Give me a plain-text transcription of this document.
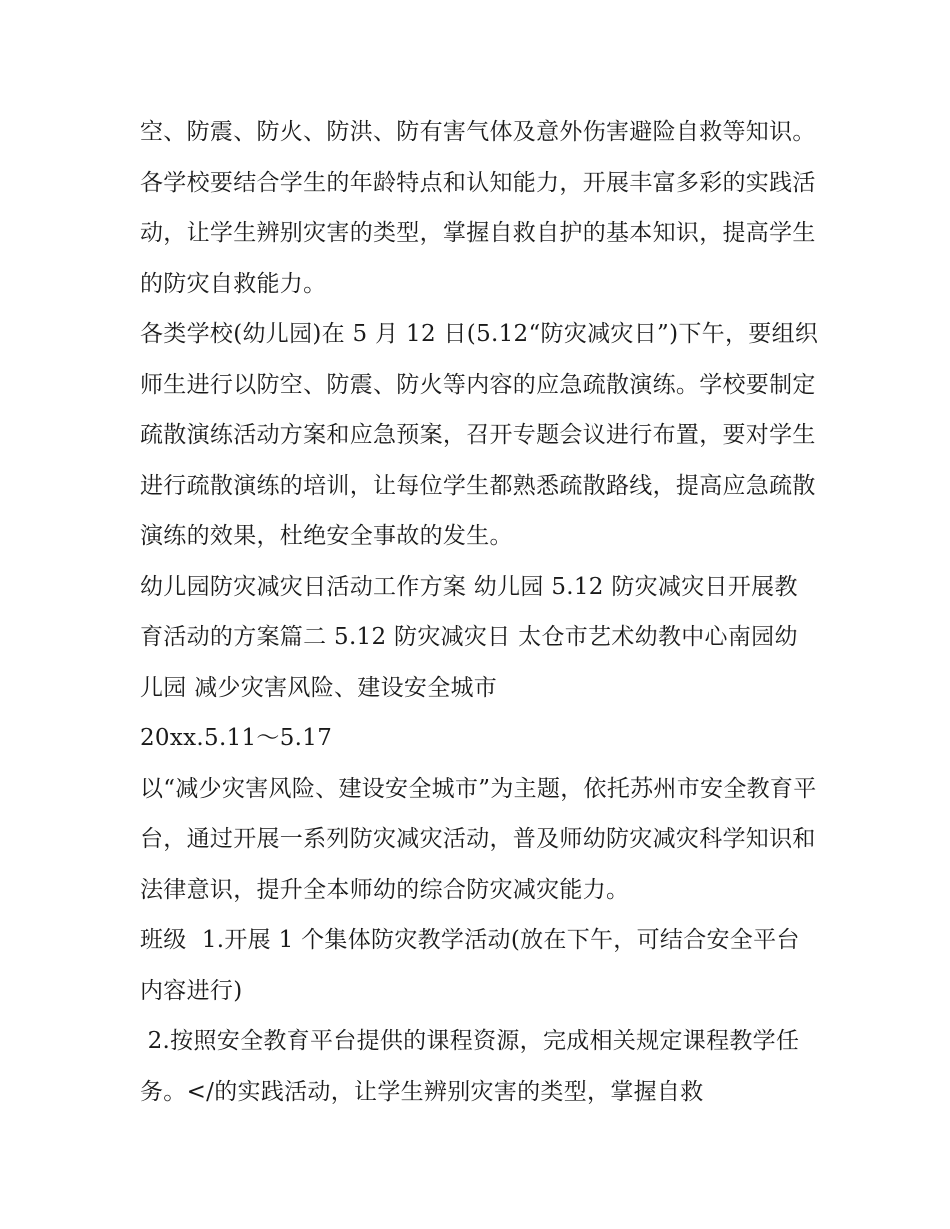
空、防震、防火、防洪、防有害气体及意外伤害避险自救等知识。各学校要结合学生的年龄特点和认知能力，开展丰富多彩的实践活动，让学生辨别灾害的类型，掌握自救自护的基本知识，提高学生的防灾自救能力。

各类学校(幼儿园)在 5 月 12 日(5.12“防灾减灾日”)下午，要组织师生进行以防空、防震、防火等内容的应急疏散演练。学校要制定疏散演练活动方案和应急预案，召开专题会议进行布置，要对学生进行疏散演练的培训，让每位学生都熟悉疏散路线，提高应急疏散演练的效果，杜绝安全事故的发生。

幼儿园防灾减灾日活动工作方案 幼儿园 5.12 防灾减灾日开展教育活动的方案篇二 5.12 防灾减灾日 太仓市艺术幼教中心南园幼儿园 减少灾害风险、建设安全城市

20xx.5.11～5.17

以“减少灾害风险、建设安全城市”为主题，依托苏州市安全教育平台，通过开展一系列防灾减灾活动，普及师幼防灾减灾科学知识和法律意识，提升全本师幼的综合防灾减灾能力。

班级  1.开展 1 个集体防灾教学活动(放在下午，可结合安全平台内容进行)

2.按照安全教育平台提供的课程资源，完成相关规定课程教学任务。</的实践活动，让学生辨别灾害的类型，掌握自救
